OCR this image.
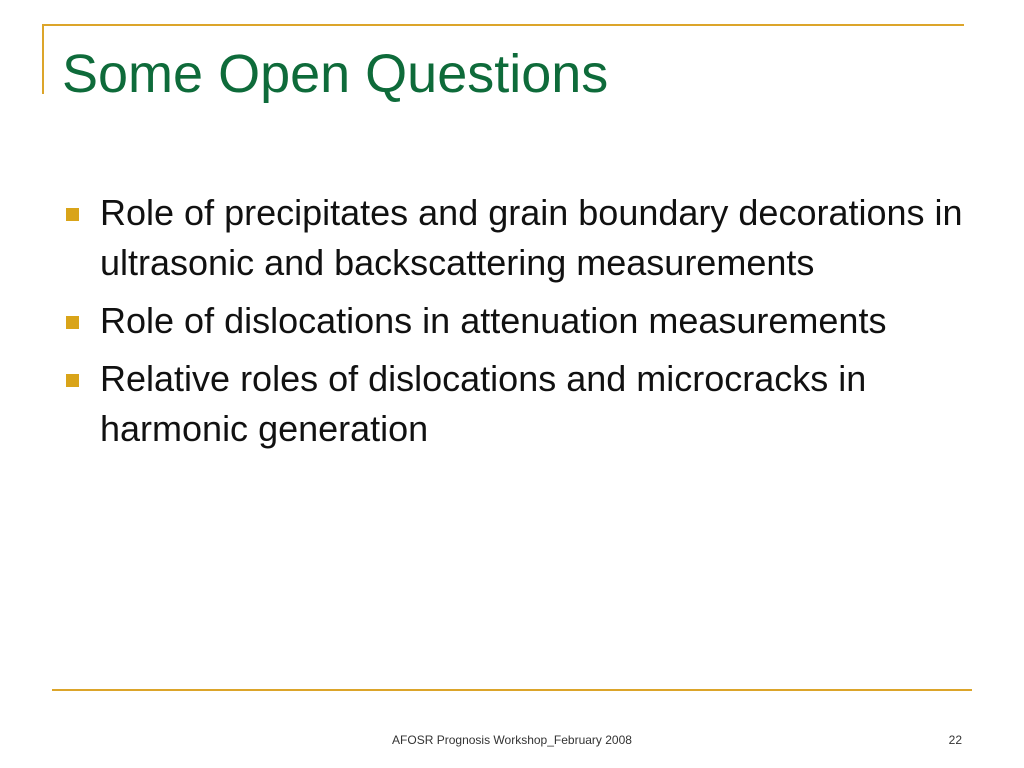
Some Open Questions
Role of precipitates and grain boundary decorations in ultrasonic and backscattering measurements
Role of dislocations in attenuation measurements
Relative roles of dislocations and microcracks in harmonic generation
AFOSR Prognosis Workshop_February 2008	22
